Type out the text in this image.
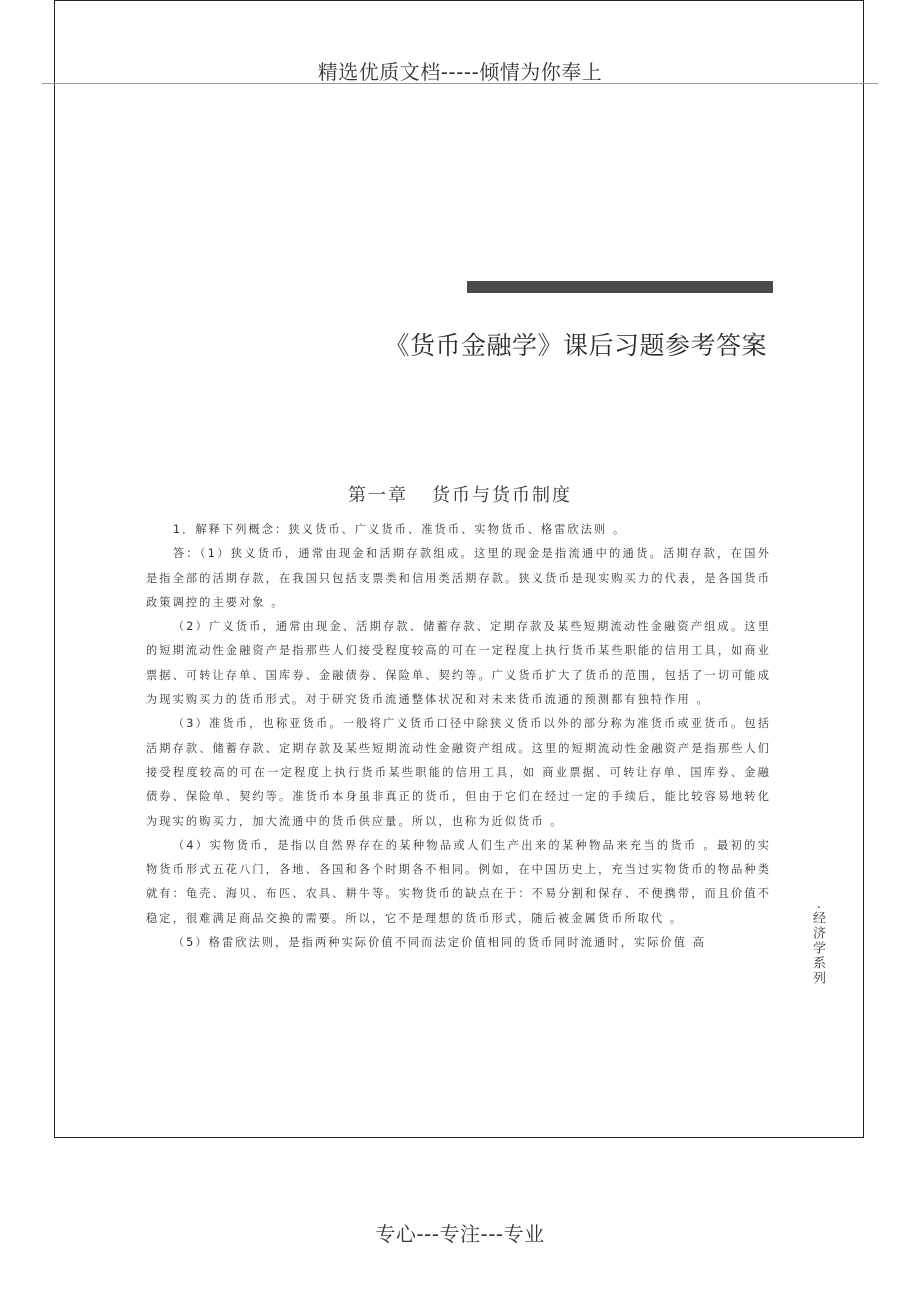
精选优质文档-----倾情为你奉上
《货币金融学》课后习题参考答案
第一章 货币与货币制度

1．解释下列概念：狭义货币、广义货币、准货币、实物货币、格雷欣法则 。

答：（1）狭义货币，通常由现金和活期存款组成。这里的现金是指流通中的通货。活期存款，在国外是指全部的活期存款，在我国只包括支票类和信用类活期存款。狭义货币是现实购买力的代表，是各国货币政策调控的主要对象 。

（2）广义货币，通常由现金、活期存款、储蓄存款、定期存款及某些短期流动性金融资产组成。这里的短期流动性金融资产是指那些人们接受程度较高的可在一定程度上执行货币某些职能的信用工具，如商业票据、可转让存单、国库券、金融债券、保险单、契约等。广义货币扩大了货币的范围，包括了一切可能成为现实购买力的货币形式。对于研究货币流通整体状况和对未来货币流通的预测都有独特作用 。

（3）准货币，也称亚货币。一般将广义货币口径中除狭义货币以外的部分称为准货币或亚货币。包括活期存款、储蓄存款、定期存款及某些短期流动性金融资产组成。这里的短期流动性金融资产是指那些人们接受程度较高的可在一定程度上执行货币某些职能的信用工具，如 商业票据、可转让存单、国库券、金融债券、保险单、契约等。准货币本身虽非真正的货币，但由于它们在经过一定的手续后，能比较容易地转化为现实的购买力，加大流通中的货币供应量。所以，也称为近似货币 。

（4）实物货币，是指以自然界存在的某种物品或人们生产出来的某种物品来充当的货币 。最初的实物货币形式五花八门，各地、各国和各个时期各不相同。例如，在中国历史上，充当过实物货币的物品种类就有：龟壳、海贝、布匹、农具、耕牛等。实物货币的缺点在于：不易分割和保存、不便携带，而且价值不稳定，很难满足商品交换的需要。所以，它不是理想的货币形式，随后被金属货币所取代 。

（5）格雷欣法则，是指两种实际价值不同而法定价值相同的货币同时流通时，实际价值 高	·经济学系列
专心---专注---专业
